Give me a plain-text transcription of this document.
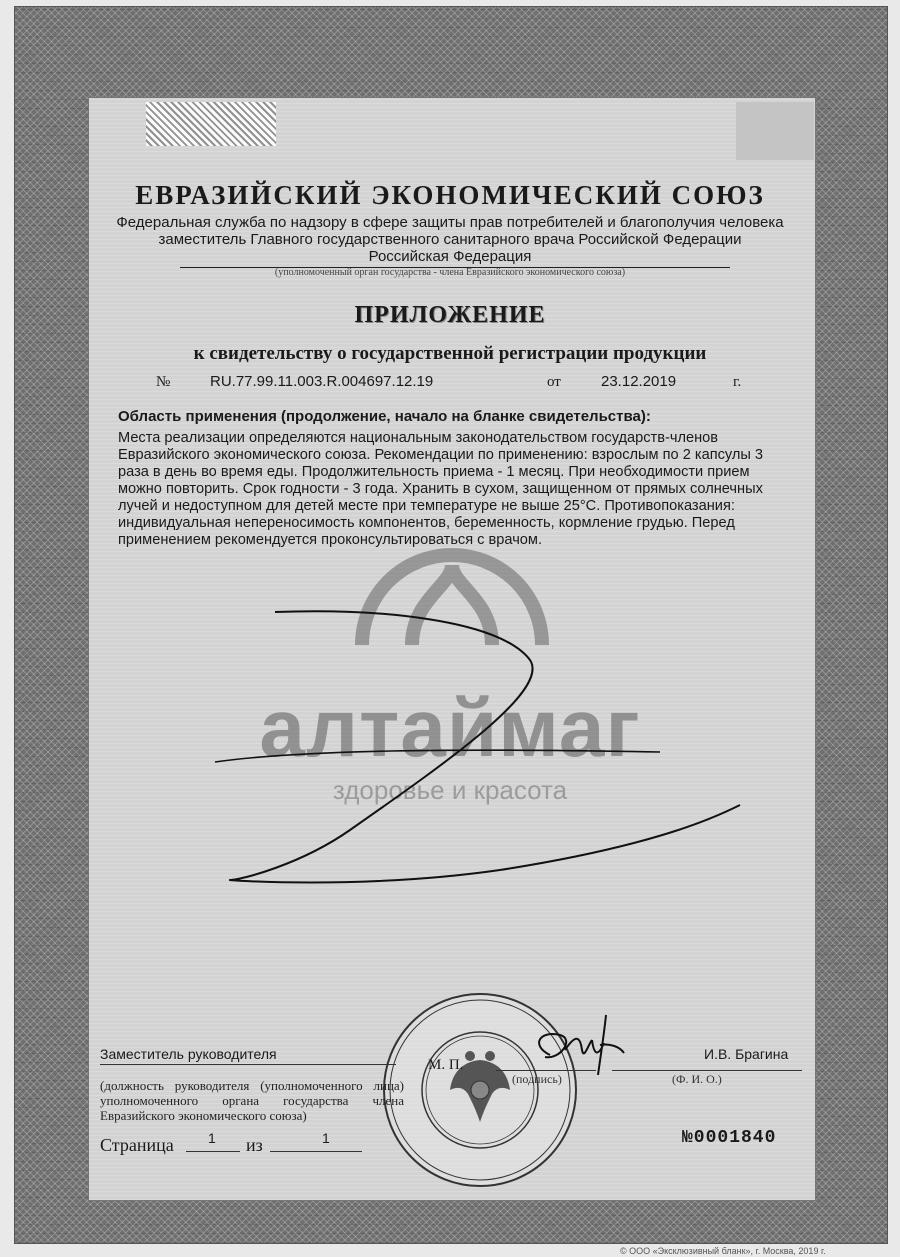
алтаймаг
здоровье и красота
ЕВРАЗИЙСКИЙ ЭКОНОМИЧЕСКИЙ СОЮЗ
Федеральная служба по надзору в сфере защиты прав потребителей и благополучия человека
заместитель Главного государственного санитарного врача Российской Федерации
Российская Федерация
(уполномоченный орган государства - члена Евразийского экономического союза)
ПРИЛОЖЕНИЕ
к свидетельству о государственной регистрации продукции
№	RU.77.99.11.003.R.004697.12.19	от	23.12.2019	г.
Область применения (продолжение, начало на бланке свидетельства):
Места реализации определяются национальным законодательством государств-членов Евразийского экономического союза. Рекомендации по применению: взрослым по 2 капсулы 3 раза в день во время еды. Продолжительность приема - 1 месяц. При необходимости прием можно повторить. Срок годности - 3 года. Хранить в сухом, защищенном от прямых солнечных лучей и недоступном для детей месте при температуре не выше 25°C. Противопоказания: индивидуальная непереносимость компонентов, беременность, кормление грудью. Перед применением рекомендуется проконсультироваться с врачом.
Заместитель руководителя
(должность руководителя (уполномоченного лица) уполномоченного органа государства члена Евразийского экономического союза)
М. П.
(подпись)
И.В. Брагина
(Ф. И. О.)
Страница 1 из	1	№0001840
© ООО «Эксклюзивный бланк», г. Москва, 2019 г.
